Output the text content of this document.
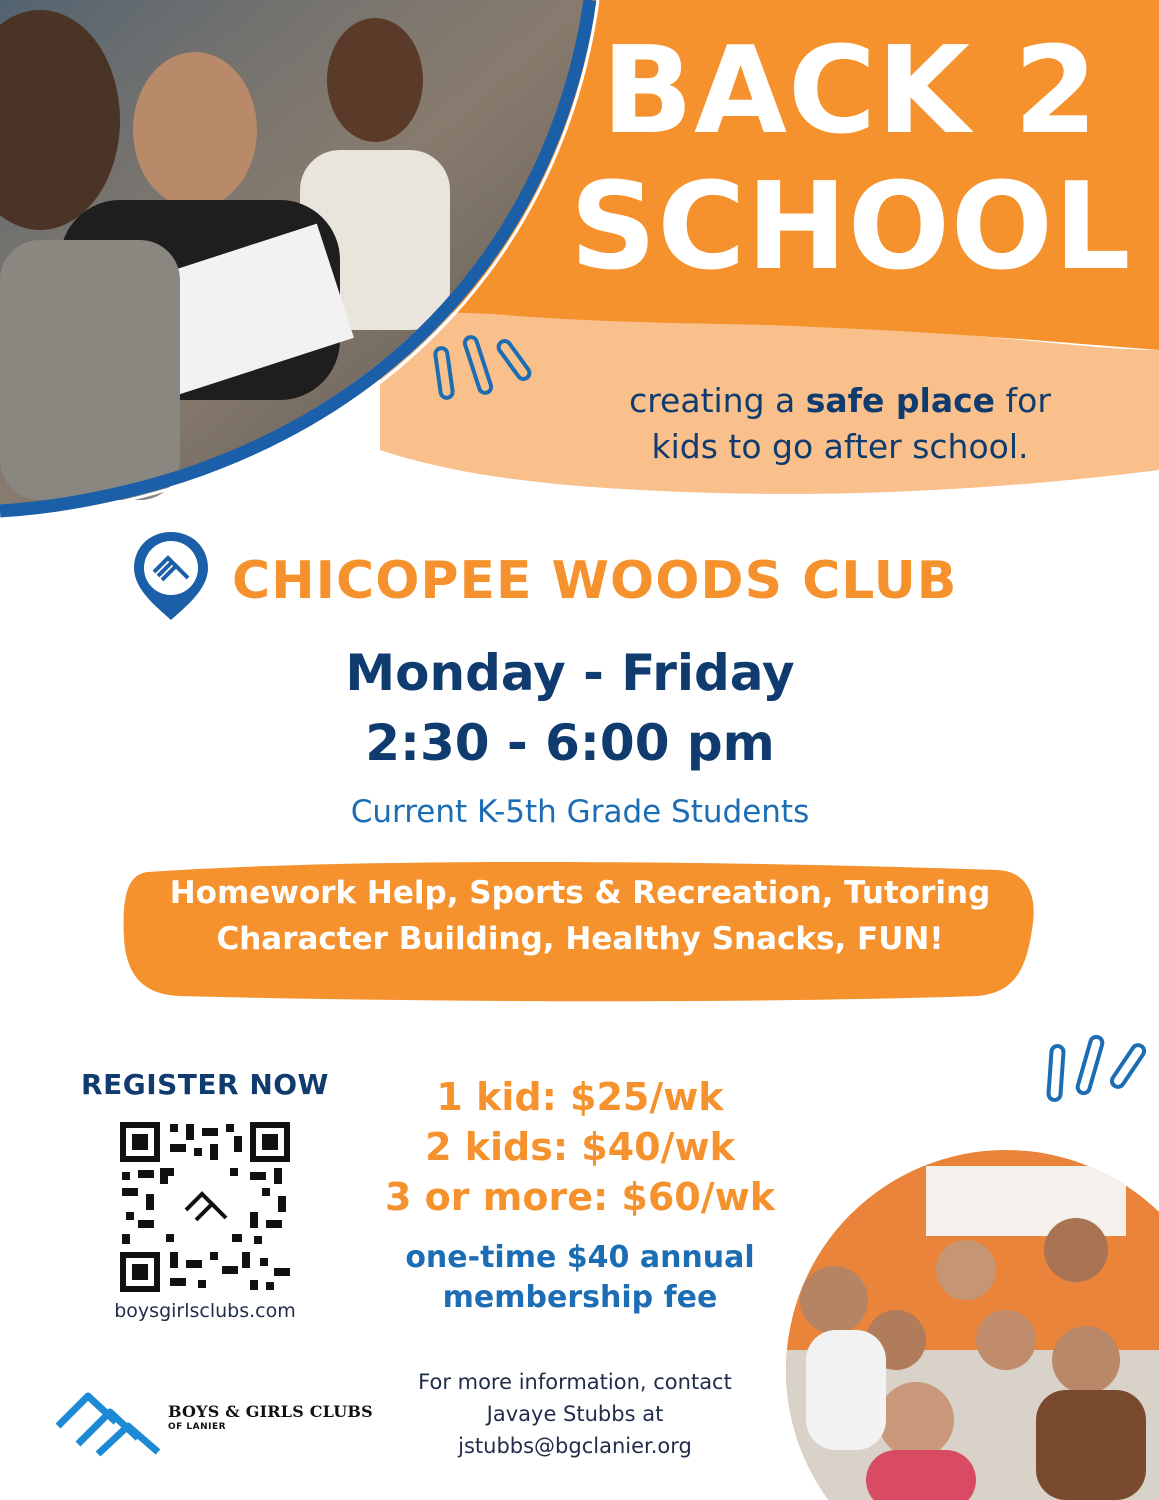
BACK 2
SCHOOL
creating a safe place for
kids to go after school.
CHICOPEE WOODS CLUB
Monday - Friday
2:30 - 6:00 pm
Current K-5th Grade Students
Homework Help, Sports & Recreation, Tutoring
Character Building, Healthy Snacks, FUN!
REGISTER NOW
boysgirlsclubs.com
1 kid: $25/wk
2 kids: $40/wk
3 or more: $60/wk
one-time $40 annual
membership fee
For more information, contact
Javaye Stubbs at
jstubbs@bgclanier.org
BOYS & GIRLS CLUBS
OF LANIER
